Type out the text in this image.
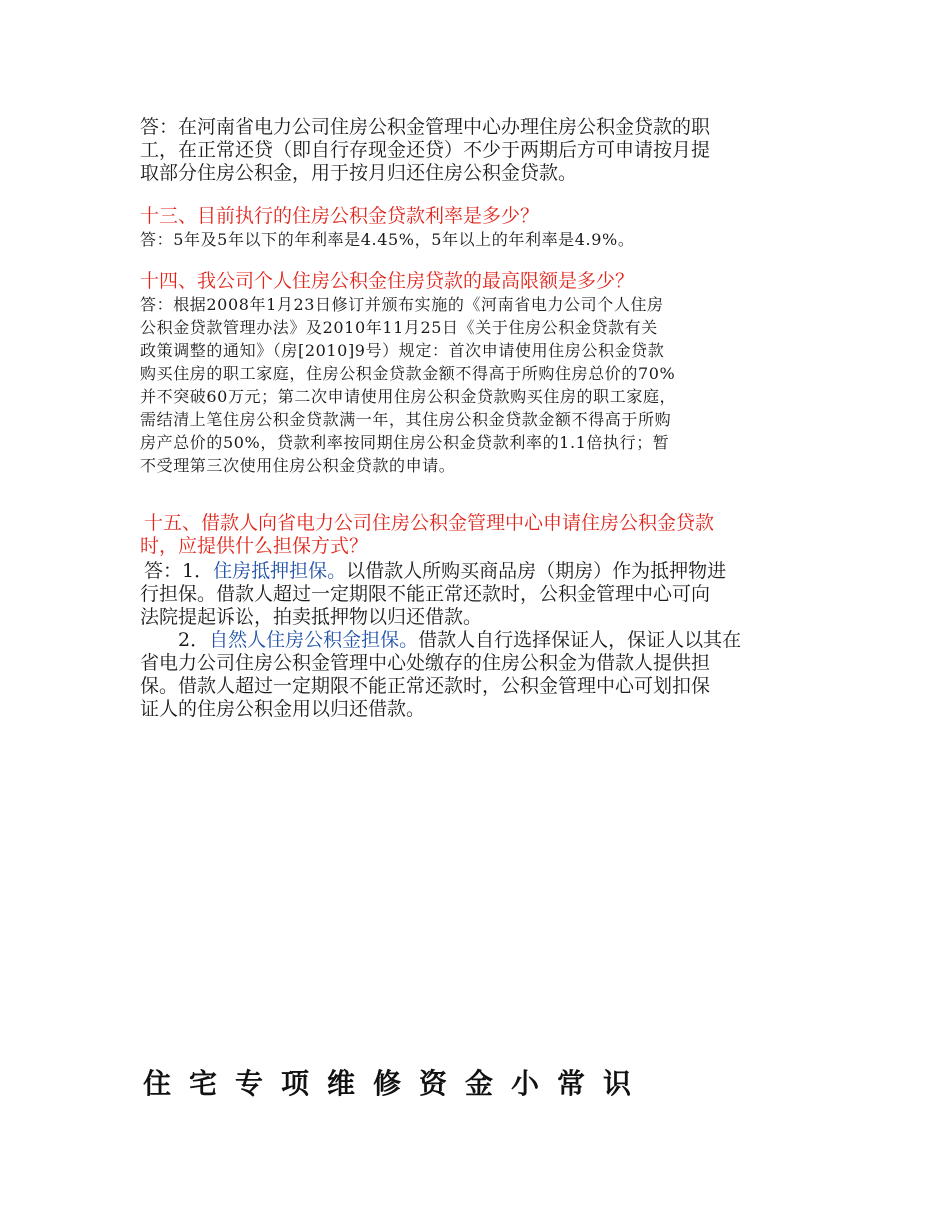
答：在河南省电力公司住房公积金管理中心办理住房公积金贷款的职
工，在正常还贷（即自行存现金还贷）不少于两期后方可申请按月提
取部分住房公积金，用于按月归还住房公积金贷款。
十三、目前执行的住房公积金贷款利率是多少？
答：5年及5年以下的年利率是4.45%，5年以上的年利率是4.9%。
十四、我公司个人住房公积金住房贷款的最高限额是多少？
答：根据2008年1月23日修订并颁布实施的《河南省电力公司个人住房
公积金贷款管理办法》及2010年11月25日《关于住房公积金贷款有关
政策调整的通知》（房[2010]9号）规定：首次申请使用住房公积金贷款
购买住房的职工家庭，住房公积金贷款金额不得高于所购住房总价的70%
并不突破60万元；第二次申请使用住房公积金贷款购买住房的职工家庭，
需结清上笔住房公积金贷款满一年，其住房公积金贷款金额不得高于所购
房产总价的50%，贷款利率按同期住房公积金贷款利率的1.1倍执行；暂
不受理第三次使用住房公积金贷款的申请。
十五、借款人向省电力公司住房公积金管理中心申请住房公积金贷款
时，应提供什么担保方式？
答：1．住房抵押担保。以借款人所购买商品房（期房）作为抵押物进
行担保。借款人超过一定期限不能正常还款时，公积金管理中心可向
法院提起诉讼，拍卖抵押物以归还借款。
2．自然人住房公积金担保。借款人自行选择保证人，保证人以其在
省电力公司住房公积金管理中心处缴存的住房公积金为借款人提供担
保。借款人超过一定期限不能正常还款时，公积金管理中心可划扣保
证人的住房公积金用以归还借款。
住宅专项维修资金小常识
